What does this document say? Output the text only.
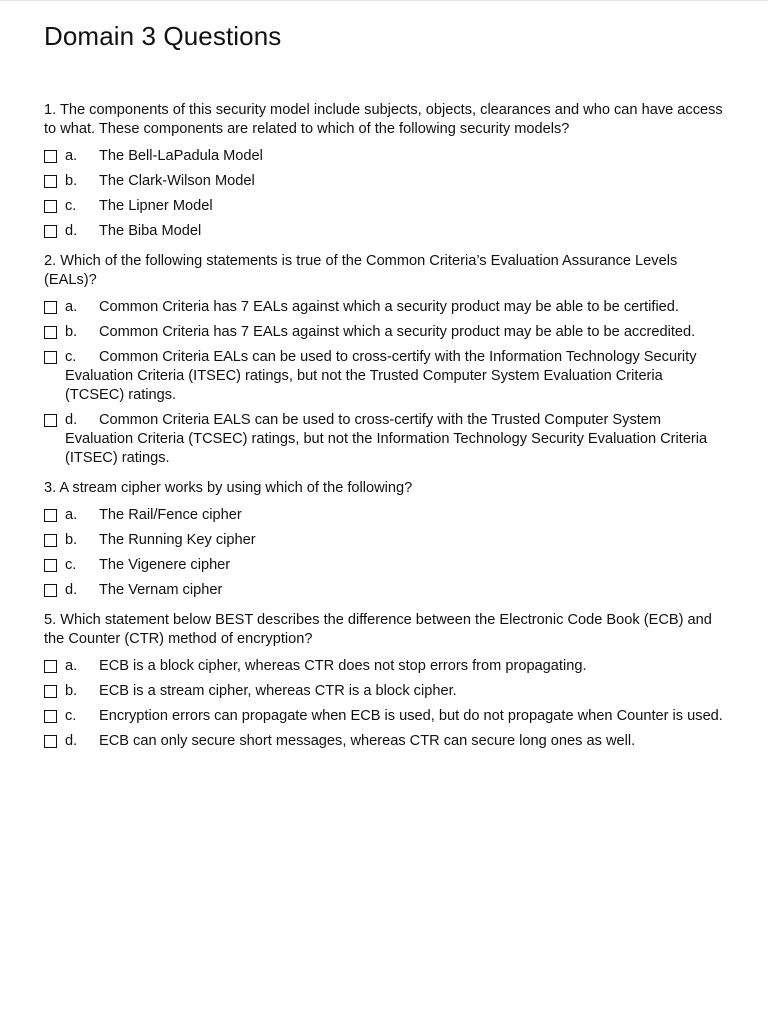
Domain 3 Questions

1. The components of this security model include subjects, objects, clearances and who can have access to what. These components are related to which of the following security models?

a. The Bell-LaPadula Model
b. The Clark-Wilson Model
c. The Lipner Model
d. The Biba Model

2. Which of the following statements is true of the Common Criteria’s Evaluation Assurance Levels (EALs)?

a. Common Criteria has 7 EALs against which a security product may be able to be certified.
b. Common Criteria has 7 EALs against which a security product may be able to be accredited.
c. Common Criteria EALs can be used to cross-certify with the Information Technology Security Evaluation Criteria (ITSEC) ratings, but not the Trusted Computer System Evaluation Criteria (TCSEC) ratings.
d. Common Criteria EALS can be used to cross-certify with the Trusted Computer System Evaluation Criteria (TCSEC) ratings, but not the Information Technology Security Evaluation Criteria (ITSEC) ratings.

3. A stream cipher works by using which of the following?

a. The Rail/Fence cipher
b. The Running Key cipher
c. The Vigenere cipher
d. The Vernam cipher

5. Which statement below BEST describes the difference between the Electronic Code Book (ECB) and the Counter (CTR) method of encryption?

a. ECB is a block cipher, whereas CTR does not stop errors from propagating.
b. ECB is a stream cipher, whereas CTR is a block cipher.
c. Encryption errors can propagate when ECB is used, but do not propagate when Counter is used.
d. ECB can only secure short messages, whereas CTR can secure long ones as well.
